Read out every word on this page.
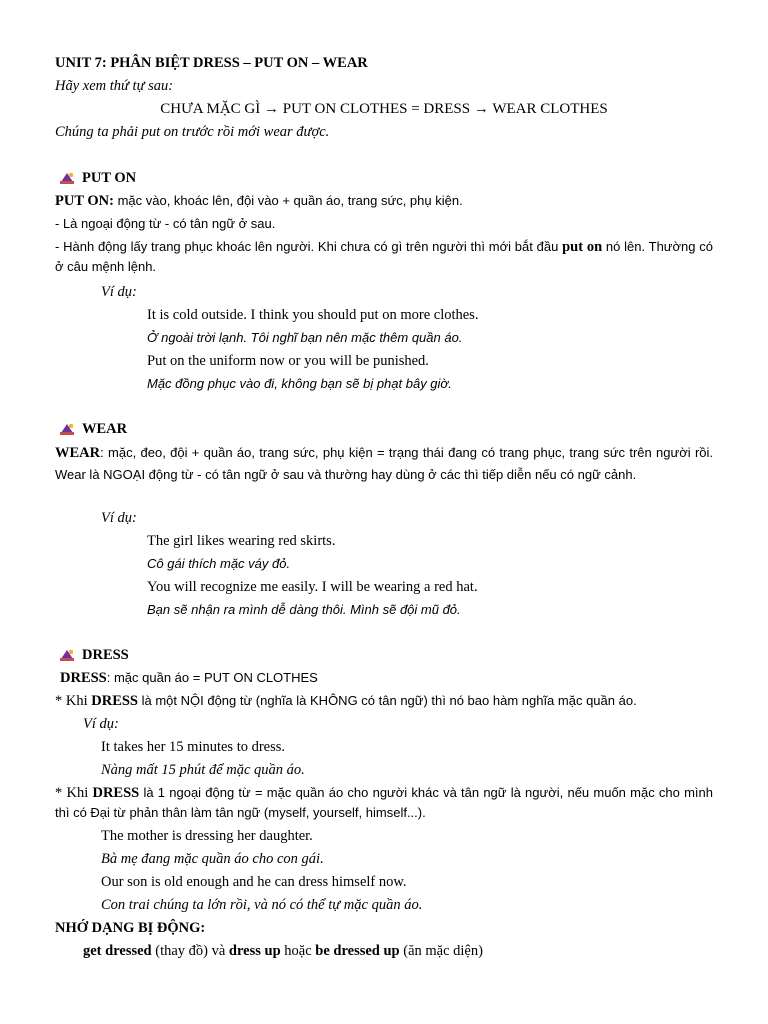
UNIT 7: PHÂN BIỆT DRESS – PUT ON – WEAR
Hãy xem thứ tự sau:
CHƯA MẶC GÌ → PUT ON CLOTHES = DRESS → WEAR CLOTHES
Chúng ta phải put on trước rồi mới wear được.
PUT ON
PUT ON: mặc vào, khoác lên, đội vào + quần áo, trang sức, phụ kiện.
- Là ngoại động từ - có tân ngữ ở sau.
- Hành động lấy trang phục khoác lên người. Khi chưa có gì trên người thì mới bắt đầu put on nó lên. Thường có ở câu mệnh lệnh.
Ví dụ:
It is cold outside. I think you should put on more clothes.
Ở ngoài trời lạnh. Tôi nghĩ bạn nên mặc thêm quần áo.
Put on the uniform now or you will be punished.
Mặc đồng phục vào đi, không bạn sẽ bị phạt bây giờ.
WEAR
WEAR: mặc, đeo, đội + quần áo, trang sức, phụ kiện = trạng thái đang có trang phục, trang sức trên người rồi. Wear là NGOẠI động từ - có tân ngữ ở sau và thường hay dùng ở các thì tiếp diễn nếu có ngữ cảnh.
Ví dụ:
The girl likes wearing red skirts.
Cô gái thích mặc váy đỏ.
You will recognize me easily. I will be wearing a red hat.
Bạn sẽ nhận ra mình dễ dàng thôi. Mình sẽ đội mũ đỏ.
DRESS
DRESS: mặc quần áo = PUT ON CLOTHES
* Khi DRESS là một NỘI động từ (nghĩa là KHÔNG có tân ngữ) thì nó bao hàm nghĩa mặc quần áo.
Ví dụ:
It takes her 15 minutes to dress.
Nàng mất 15 phút để mặc quần áo.
* Khi DRESS là 1 ngoại động từ = mặc quần áo cho người khác và tân ngữ là người, nếu muốn mặc cho mình thì có Đại từ phản thân làm tân ngữ (myself, yourself, himself...).
The mother is dressing her daughter.
Bà mẹ đang mặc quần áo cho con gái.
Our son is old enough and he can dress himself now.
Con trai chúng ta lớn rồi, và nó có thể tự mặc quần áo.
NHỚ DẠNG BỊ ĐỘNG:
get dressed (thay đồ) và dress up hoặc be dressed up (ăn mặc diện)
